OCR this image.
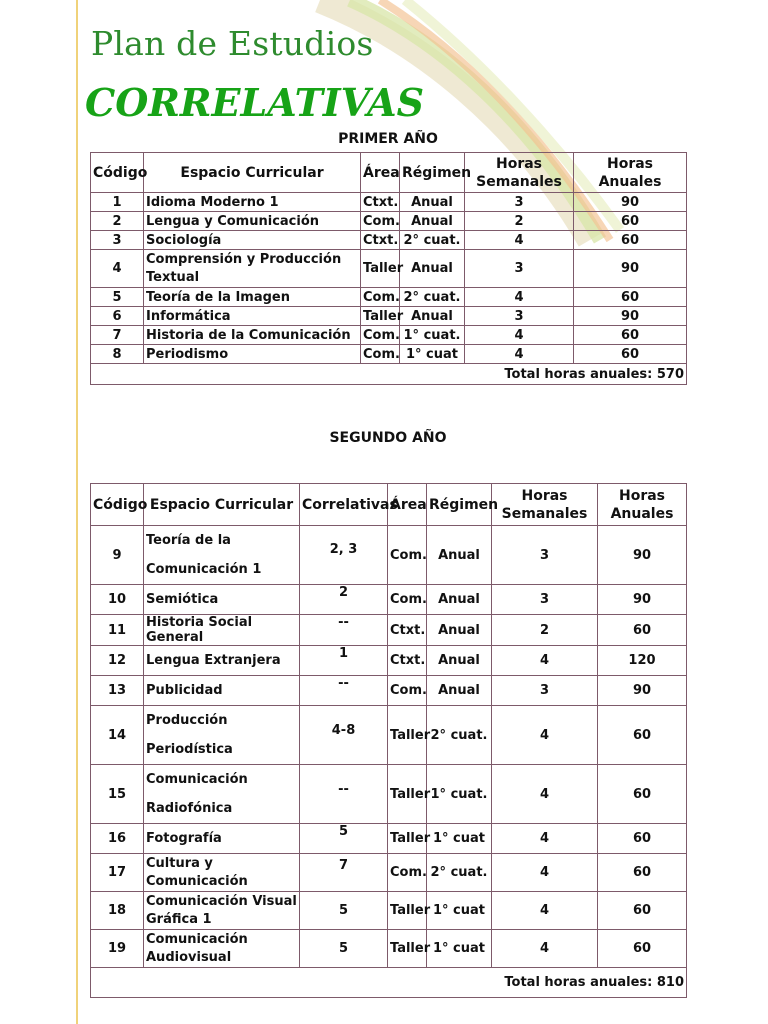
Plan de Estudios
CORRELATIVAS
PRIMER AÑO
Código	Espacio Curricular	Área	Régimen	Horas
Semanales	Horas
Anuales
1	Idioma Moderno 1	Ctxt.	Anual	3	90
2	Lengua y Comunicación	Com.	Anual	2	60
3	Sociología	Ctxt.	2° cuat.	4	60
4	Comprensión y Producción
Textual	Taller	Anual	3	90
5	Teoría de la Imagen	Com.	2° cuat.	4	60
6	Informática	Taller	Anual	3	90
7	Historia de la Comunicación	Com.	1° cuat.	4	60
8	Periodismo	Com.	1° cuat	4	60
Total horas anuales: 570					
SEGUNDO AÑO
Código	Espacio Curricular	Correlativas	Área	Régimen	Horas
Semanales	Horas
Anuales
9	Teoría de la
Comunicación 1	2, 3	Com.	Anual	3	90
10	Semiótica	2	Com.	Anual	3	90
11	Historia Social General	--	Ctxt.	Anual	2	60
12	Lengua Extranjera	1	Ctxt.	Anual	4	120
13	Publicidad	--	Com.	Anual	3	90
14	Producción
Periodística	4-8	Taller	2° cuat.	4	60
15	Comunicación
Radiofónica	--	Taller	1° cuat.	4	60
16	Fotografía	5	Taller	1° cuat	4	60
17	Cultura y
Comunicación	7	Com.	2° cuat.	4	60
18	Comunicación Visual
Gráfica 1	5	Taller	1° cuat	4	60
19	Comunicación
Audiovisual	5	Taller	1° cuat	4	60
Total horas anuales: 810						
